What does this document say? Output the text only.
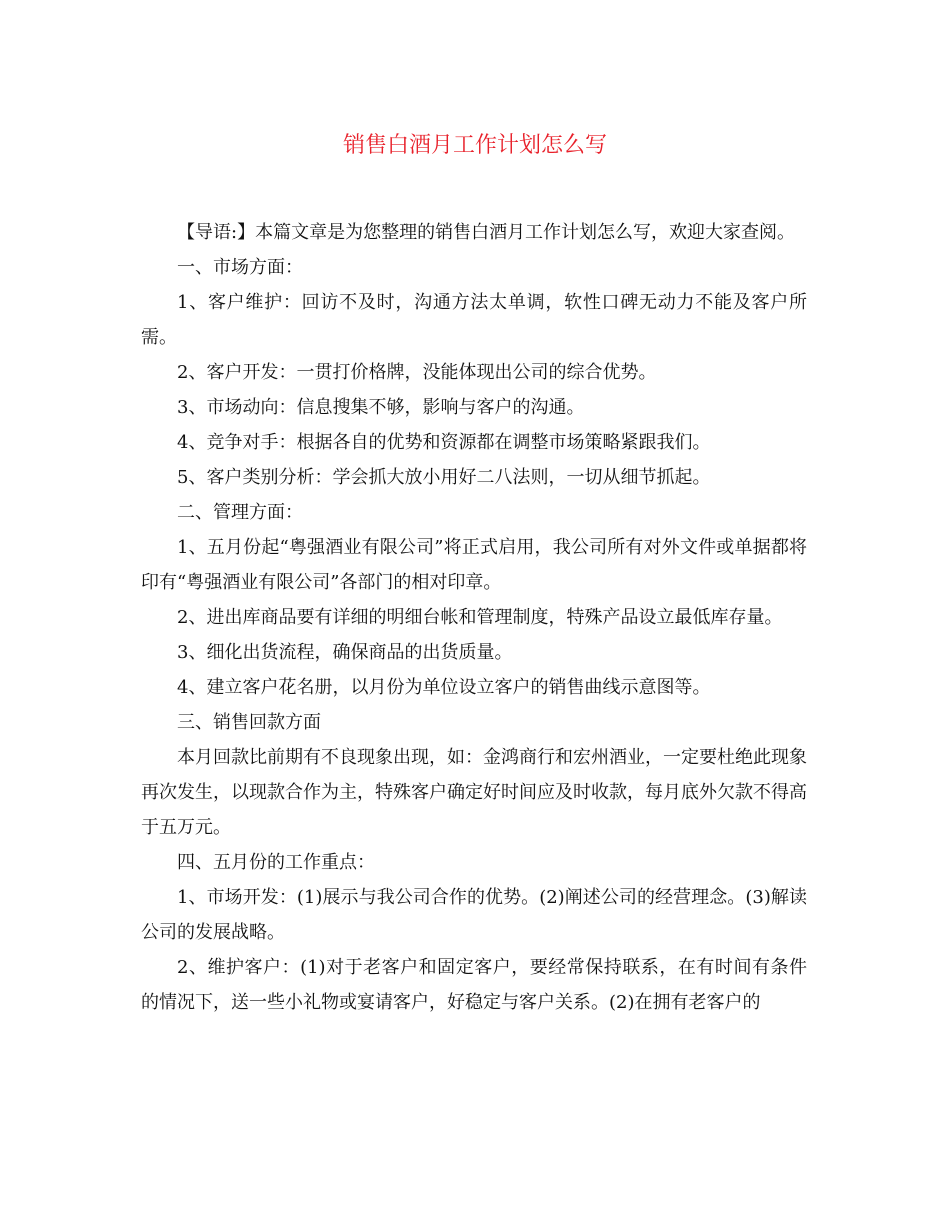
销售白酒月工作计划怎么写

【导语:】本篇文章是为您整理的销售白酒月工作计划怎么写，欢迎大家查阅。

一、市场方面：

1、客户维护：回访不及时，沟通方法太单调，软性口碑无动力不能及客户所需。

2、客户开发：一贯打价格牌，没能体现出公司的综合优势。

3、市场动向：信息搜集不够，影响与客户的沟通。

4、竞争对手：根据各自的优势和资源都在调整市场策略紧跟我们。

5、客户类别分析：学会抓大放小用好二八法则，一切从细节抓起。

二、管理方面：

1、五月份起“粤强酒业有限公司”将正式启用，我公司所有对外文件或单据都将印有“粤强酒业有限公司”各部门的相对印章。

2、进出库商品要有详细的明细台帐和管理制度，特殊产品设立最低库存量。

3、细化出货流程，确保商品的出货质量。

4、建立客户花名册，以月份为单位设立客户的销售曲线示意图等。

三、销售回款方面

本月回款比前期有不良现象出现，如：金鸿商行和宏州酒业，一定要杜绝此现象再次发生，以现款合作为主，特殊客户确定好时间应及时收款，每月底外欠款不得高于五万元。

四、五月份的工作重点：

1、市场开发：(1)展示与我公司合作的优势。(2)阐述公司的经营理念。(3)解读公司的发展战略。

2、维护客户：(1)对于老客户和固定客户，要经常保持联系，在有时间有条件的情况下，送一些小礼物或宴请客户，好稳定与客户关系。(2)在拥有老客户的
